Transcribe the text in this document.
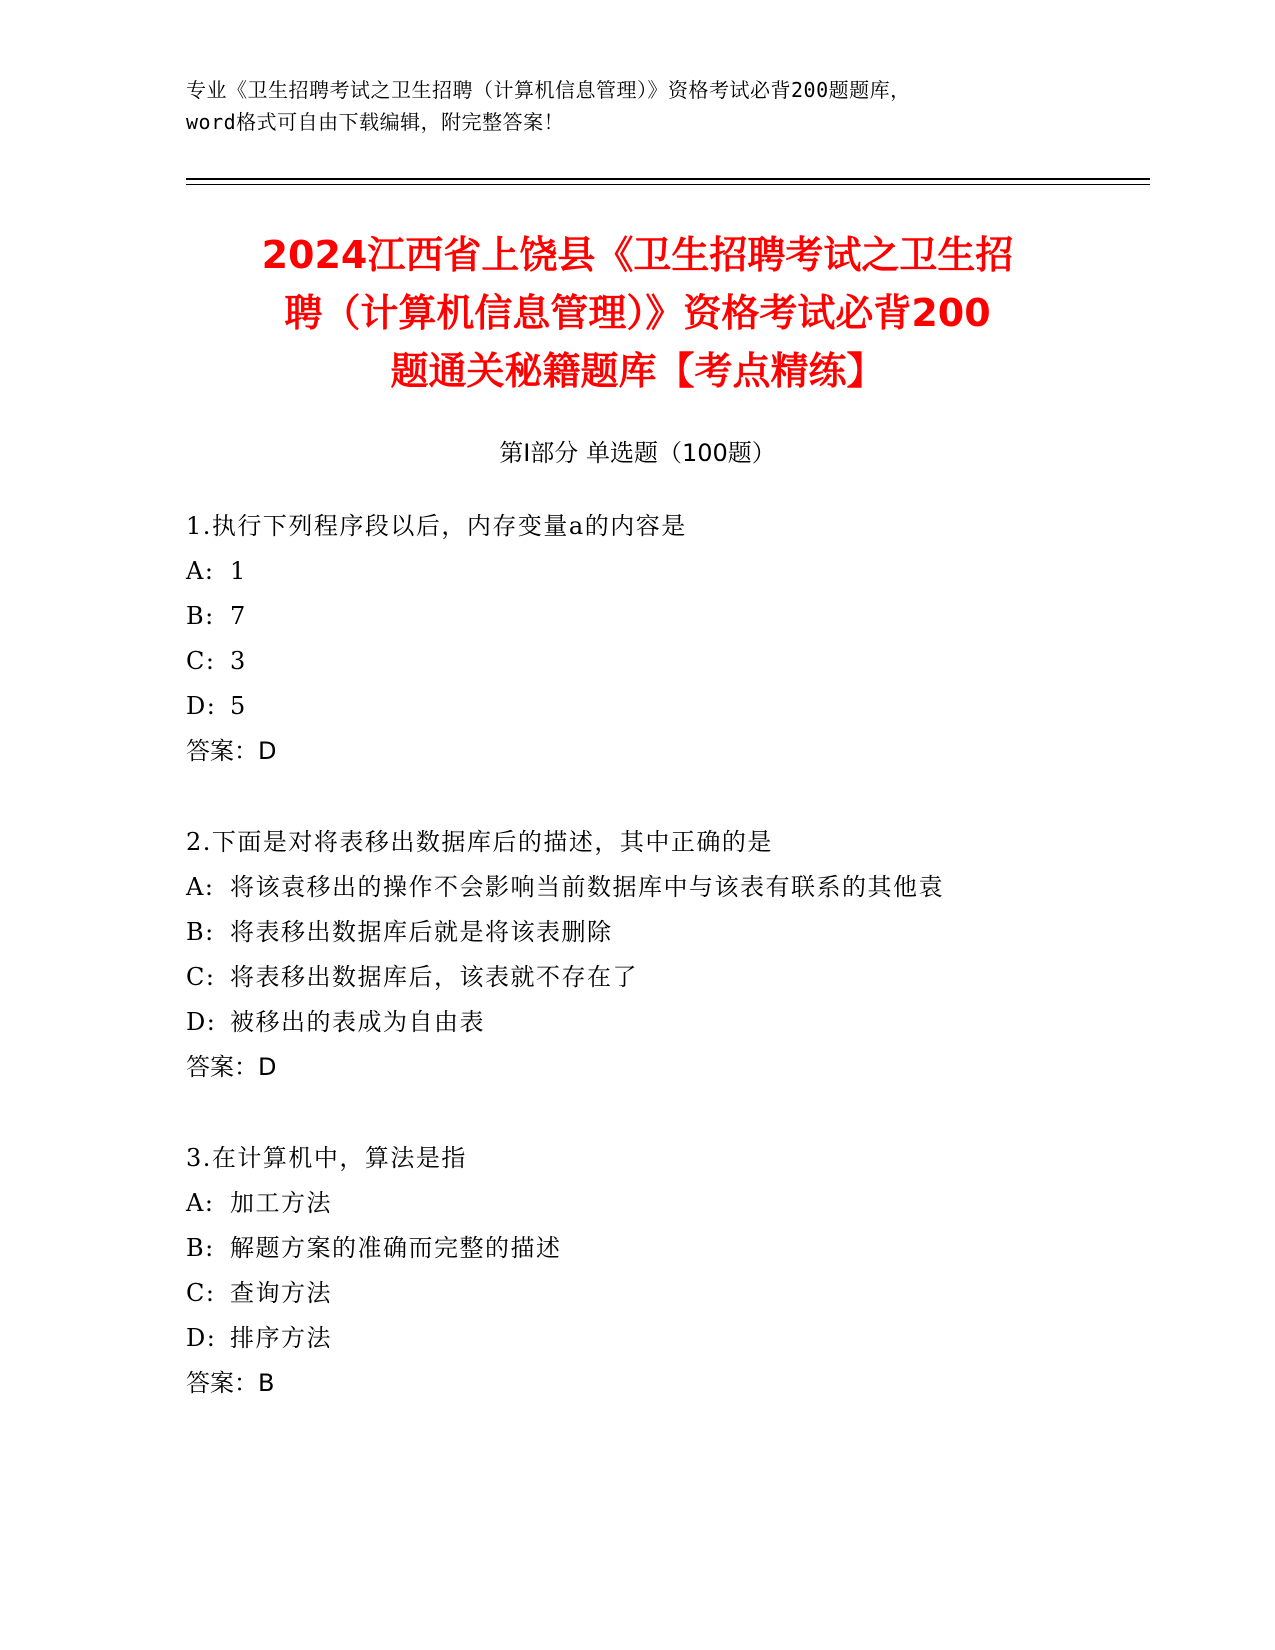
专业《卫生招聘考试之卫生招聘（计算机信息管理）》资格考试必背200题题库，
word格式可自由下载编辑，附完整答案！
2024江西省上饶县《卫生招聘考试之卫生招
聘（计算机信息管理）》资格考试必背200
题通关秘籍题库【考点精练】
第Ⅰ部分 单选题（100题）
1.执行下列程序段以后，内存变量a的内容是
A: 1
B: 7
C: 3
D: 5
答案：D
2.下面是对将表移出数据库后的描述，其中正确的是
A: 将该袁移出的操作不会影响当前数据库中与该表有联系的其他袁
B: 将表移出数据库后就是将该表删除
C: 将表移出数据库后，该表就不存在了
D: 被移出的表成为自由表
答案：D
3.在计算机中，算法是指
A: 加工方法
B: 解题方案的准确而完整的描述
C: 查询方法
D: 排序方法
答案：B
